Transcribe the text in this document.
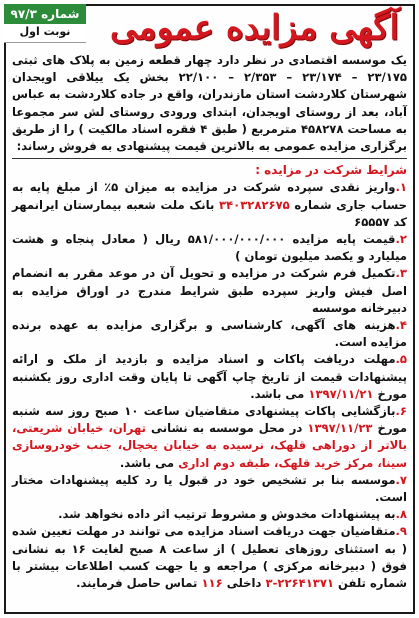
شماره ۹۷/۳
نوبت اول	آگهی مزایده عمومی

یک موسسه اقتصادی در نظر دارد چهار قطعه زمین به پلاک های ثبتی ۲۳/۱۷۵ – ۲۳/۱۷۴ – ۲/۳۵۳ – ۲۲/۱۰۰ بخش یک ییلاقی اویجدان شهرستان کلاردشت استان مازندران، واقع در جاده کلاردشت به عباس آباد، بعد از روستای اویجدان، ابتدای ورودی روستای لش سر مجموعا به مساحت ۴۵۸۲۷۸ مترمربع ( طبق ۴ فقره اسناد مالکیت ) را از طریق برگزاری مزایده عمومی به بالاترین قیمت پیشنهادی به فروش رساند:

شرایط شرکت در مزایده :

۱.واریز نقدی سپرده شرکت در مزایده به میزان ۵٪ از مبلغ پایه به حساب جاری شماره ۳۴۰۳۲۸۲۶۷۵ بانک ملت شعبه بیمارستان ایرانمهر کد ۶۵۵۵۷

۲.قیمت پایه مزایده ۵۸۱/۰۰۰/۰۰۰/۰۰۰ ریال ( معادل پنجاه و هشت میلیارد و یکصد میلیون تومان )

۳.تکمیل فرم شرکت در مزایده و تحویل آن در موعد مقرر به انضمام اصل فیش واریز سپرده طبق شرایط مندرج در اوراق مزایده به دبیرخانه موسسه

۴.هزینه های آگهی، کارشناسی و برگزاری مزایده به عهده برنده مزایده است.

۵.مهلت دریافت پاکات و اسناد مزایده و بازدید از ملک و ارائه پیشنهادات قیمت از تاریخ چاپ آگهی تا پایان وقت اداری روز یکشنبه مورخ ۱۳۹۷/۱۱/۲۱ می باشد.

۶.بازگشایی پاکات پیشنهادی متقاضیان ساعت ۱۰ صبح روز سه شنبه مورخ ۱۳۹۷/۱۱/۲۳ در محل موسسه به نشانی تهران، خیابان شریعتی، بالاتر از دوراهی قلهک، نرسیده به خیابان یخچال، جنب خودروسازی سینا، مرکز خرید قلهک، طبقه دوم اداری می باشد.

۷.موسسه بنا بر تشخیص خود در قبول یا رد کلیه پیشنهادات مختار است.

۸.به پیشنهادات مخدوش و مشروط ترتیب اثر داده نخواهد شد.

۹.متقاضیان جهت دریافت اسناد مزایده می توانند در مهلت تعیین شده ( به استثنای روزهای تعطیل ) از ساعت ۸ صبح لغایت ۱۶ به نشانی فوق ( دبیرخانه مرکزی ) مراجعه و یا جهت کسب اطلاعات بیشتر با شماره تلفن ۲۲۶۴۱۳۷۱-۳ داخلی ۱۱۶ تماس حاصل فرمایند.
